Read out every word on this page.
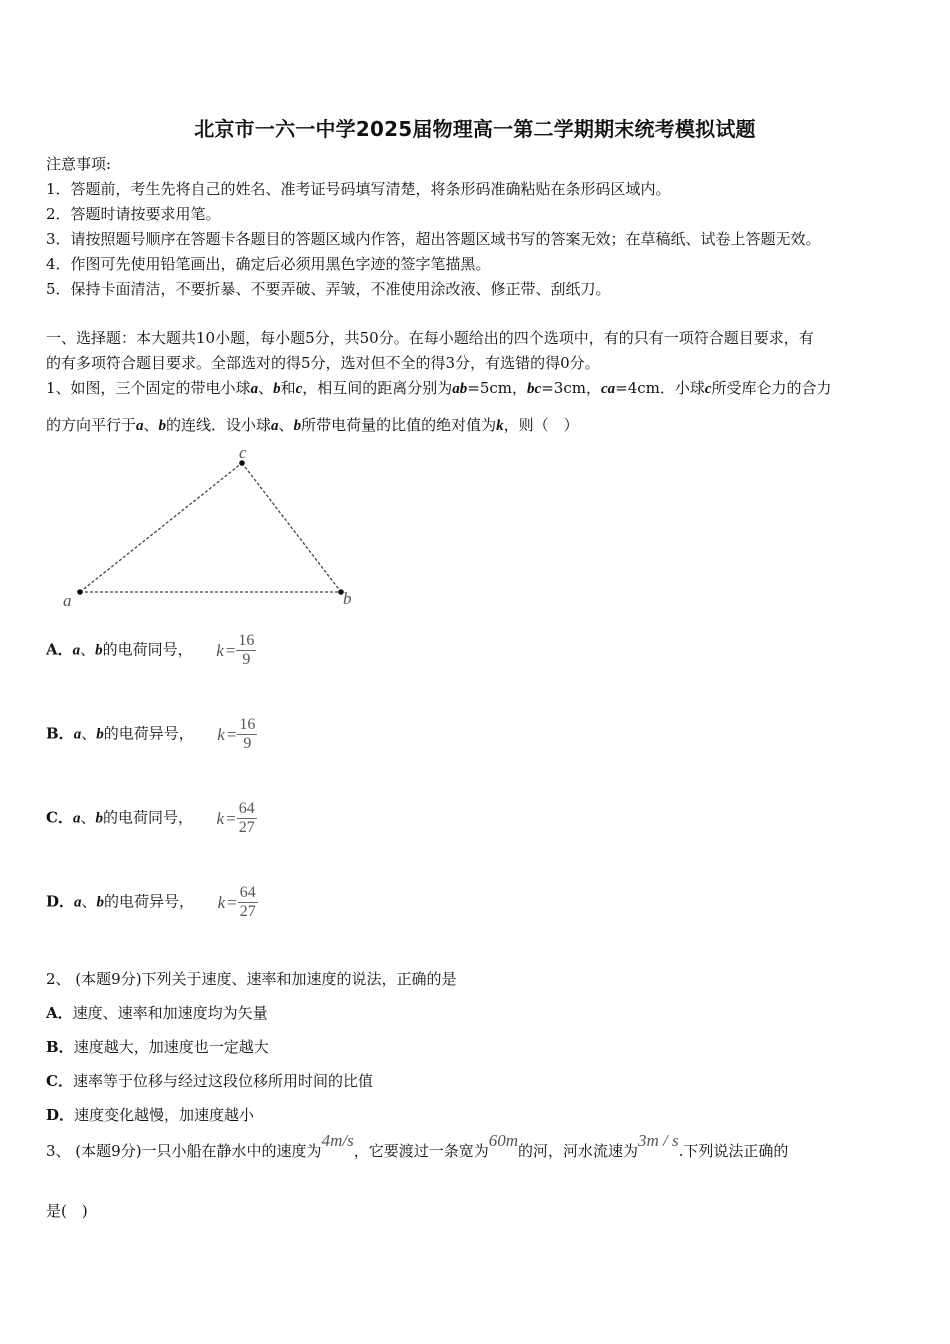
北京市一六一中学2025届物理高一第二学期期末统考模拟试题
注意事项:
1．答题前，考生先将自己的姓名、准考证号码填写清楚，将条形码准确粘贴在条形码区域内。
2．答题时请按要求用笔。
3．请按照题号顺序在答题卡各题目的答题区域内作答，超出答题区域书写的答案无效；在草稿纸、试卷上答题无效。
4．作图可先使用铅笔画出，确定后必须用黑色字迹的签字笔描黑。
5．保持卡面清洁，不要折暴、不要弄破、弄皱，不准使用涂改液、修正带、刮纸刀。
一、选择题：本大题共10小题，每小题5分，共50分。在每小题给出的四个选项中，有的只有一项符合题目要求，有
的有多项符合题目要求。全部选对的得5分，选对但不全的得3分，有选错的得0分。
1、如图，三个固定的带电小球a、b和c，相互间的距离分别为ab=5cm，bc=3cm，ca=4cm．小球c所受库仑力的合力
的方向平行于a、b的连线．设小球a、b所带电荷量的比值的绝对值为k，则（　）
a
c
b
A．a、b的电荷同号， $k = \frac{16}{9}$
B．a、b的电荷异号， $k = \frac{16}{9}$
C．a、b的电荷同号， $k = \frac{64}{27}$
D．a、b的电荷异号， $k = \frac{64}{27}$
2、 (本题9分)下列关于速度、速率和加速度的说法，正确的是
A．速度、速率和加速度均为矢量
B．速度越大，加速度也一定越大
C．速率等于位移与经过这段位移所用时间的比值
D．速度变化越慢，加速度越小
3、 (本题9分)一只小船在静水中的速度为4m/s，它要渡过一条宽为60m的河，河水流速为3m / s.下列说法正确的
是(　)
